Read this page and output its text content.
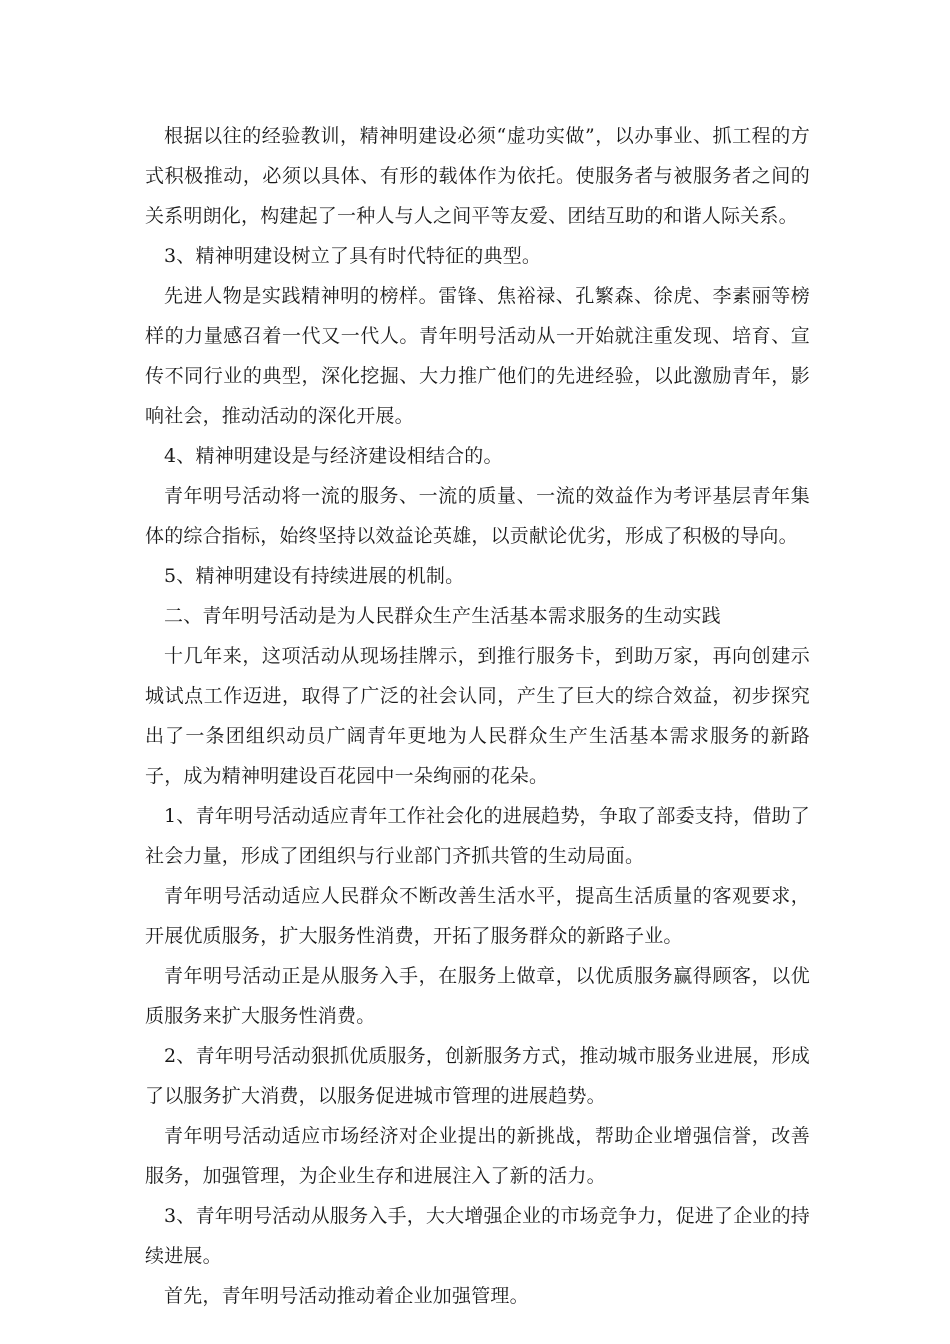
根据以往的经验教训，精神明建设必须“虚功实做”，以办事业、抓工程的方式积极推动，必须以具体、有形的载体作为依托。使服务者与被服务者之间的关系明朗化，构建起了一种人与人之间平等友爱、团结互助的和谐人际关系。

3、精神明建设树立了具有时代特征的典型。

先进人物是实践精神明的榜样。雷锋、焦裕禄、孔繁森、徐虎、李素丽等榜样的力量感召着一代又一代人。青年明号活动从一开始就注重发现、培育、宣传不同行业的典型，深化挖掘、大力推广他们的先进经验，以此激励青年，影响社会，推动活动的深化开展。

4、精神明建设是与经济建设相结合的。

青年明号活动将一流的服务、一流的质量、一流的效益作为考评基层青年集体的综合指标，始终坚持以效益论英雄，以贡献论优劣，形成了积极的导向。

5、精神明建设有持续进展的机制。

二、青年明号活动是为人民群众生产生活基本需求服务的生动实践

十几年来，这项活动从现场挂牌示，到推行服务卡，到助万家，再向创建示城试点工作迈进，取得了广泛的社会认同，产生了巨大的综合效益，初步探究出了一条团组织动员广阔青年更地为人民群众生产生活基本需求服务的新路子，成为精神明建设百花园中一朵绚丽的花朵。

1、青年明号活动适应青年工作社会化的进展趋势，争取了部委支持，借助了社会力量，形成了团组织与行业部门齐抓共管的生动局面。

青年明号活动适应人民群众不断改善生活水平，提高生活质量的客观要求，开展优质服务，扩大服务性消费，开拓了服务群众的新路子业。

青年明号活动正是从服务入手，在服务上做章，以优质服务赢得顾客，以优质服务来扩大服务性消费。

2、青年明号活动狠抓优质服务，创新服务方式，推动城市服务业进展，形成了以服务扩大消费，以服务促进城市管理的进展趋势。

青年明号活动适应市场经济对企业提出的新挑战，帮助企业增强信誉，改善服务，加强管理，为企业生存和进展注入了新的活力。

3、青年明号活动从服务入手，大大增强企业的市场竞争力，促进了企业的持续进展。

首先，青年明号活动推动着企业加强管理。
